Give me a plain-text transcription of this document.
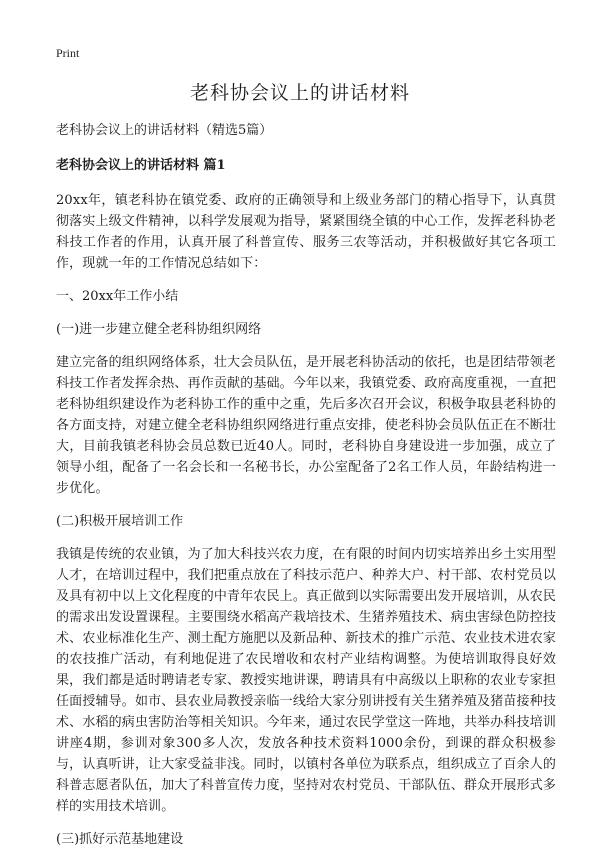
Print
老科协会议上的讲话材料

老科协会议上的讲话材料（精选5篇）

老科协会议上的讲话材料 篇1

20xx年，镇老科协在镇党委、政府的正确领导和上级业务部门的精心指导下，认真贯彻落实上级文件精神，以科学发展观为指导，紧紧围绕全镇的中心工作，发挥老科协老科技工作者的作用，认真开展了科普宣传、服务三农等活动，并积极做好其它各项工作，现就一年的工作情况总结如下：

一、20xx年工作小结

(一)进一步建立健全老科协组织网络

建立完备的组织网络体系，壮大会员队伍，是开展老科协活动的依托，也是团结带领老科技工作者发挥余热、再作贡献的基础。今年以来，我镇党委、政府高度重视，一直把老科协组织建设作为老科协工作的重中之重，先后多次召开会议，积极争取县老科协的各方面支持，对建立健全老科协组织网络进行重点安排，使老科协会员队伍正在不断壮大，目前我镇老科协会员总数已近40人。同时，老科协自身建设进一步加强，成立了领导小组，配备了一名会长和一名秘书长，办公室配备了2名工作人员，年龄结构进一步优化。

(二)积极开展培训工作

我镇是传统的农业镇，为了加大科技兴农力度，在有限的时间内切实培养出乡土实用型人才，在培训过程中，我们把重点放在了科技示范户、种养大户、村干部、农村党员以及具有初中以上文化程度的中青年农民上。真正做到以实际需要出发开展培训，从农民的需求出发设置课程。主要围绕水稻高产栽培技术、生猪养殖技术、病虫害绿色防控技术、农业标准化生产、测土配方施肥以及新品种、新技术的推广示范、农业技术进农家的农技推广活动，有利地促进了农民增收和农村产业结构调整。为使培训取得良好效果，我们都是适时聘请老专家、教授实地讲课，聘请具有中高级以上职称的农业专家担任面授辅导。如市、县农业局教授亲临一线给大家分别讲授有关生猪养殖及猪苗接种技术、水稻的病虫害防治等相关知识。今年来，通过农民学堂这一阵地，共举办科技培训讲座4期，参训对象300多人次，发放各种技术资料1000余份，到课的群众积极参与，认真听讲，让大家受益非浅。同时，以镇村各单位为联系点，组织成立了百余人的科普志愿者队伍，加大了科普宣传力度，坚持对农村党员、干部队伍、群众开展形式多样的实用技术培训。

(三)抓好示范基地建设
